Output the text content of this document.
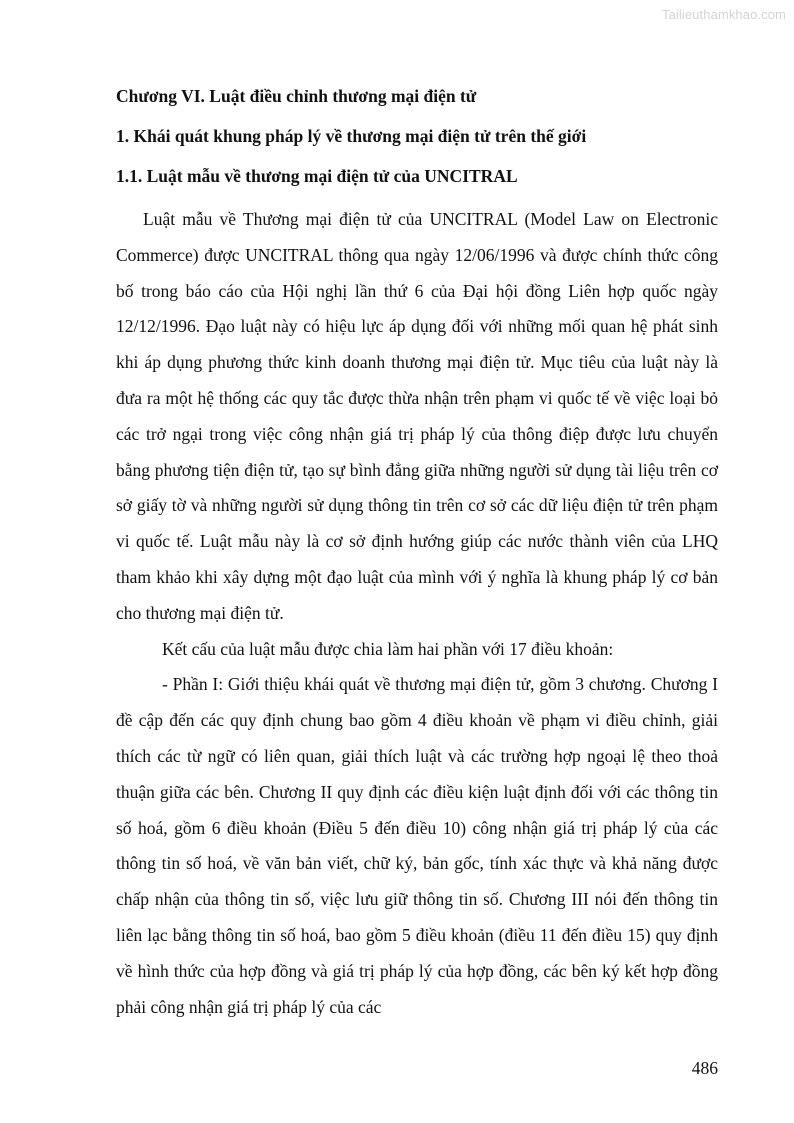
Tailieuthamkhao.com
Chương VI. Luật điều chỉnh thương mại điện tử
1. Khái quát khung pháp lý về thương mại điện tử trên thế giới
1.1. Luật mẫu về thương mại điện tử của UNCITRAL

Luật mẫu về Thương mại điện tử của UNCITRAL (Model Law on Electronic Commerce) được UNCITRAL thông qua ngày 12/06/1996 và được chính thức công bố trong báo cáo của Hội nghị lần thứ 6 của Đại hội đồng Liên hợp quốc ngày 12/12/1996. Đạo luật này có hiệu lực áp dụng đối với những mối quan hệ phát sinh khi áp dụng phương thức kinh doanh thương mại điện tử. Mục tiêu của luật này là đưa ra một hệ thống các quy tắc được thừa nhận trên phạm vi quốc tế về việc loại bỏ các trở ngại trong việc công nhận giá trị pháp lý của thông điệp được lưu chuyển bằng phương tiện điện tử, tạo sự bình đẳng giữa những người sử dụng tài liệu trên cơ sở giấy tờ và những người sử dụng thông tin trên cơ sở các dữ liệu điện tử trên phạm vi quốc tế. Luật mẫu này là cơ sở định hướng giúp các nước thành viên của LHQ tham khảo khi xây dựng một đạo luật của mình với ý nghĩa là khung pháp lý cơ bản cho thương mại điện tử.

Kết cấu của luật mẫu được chia làm hai phần với 17 điều khoản:

- Phần I: Giới thiệu khái quát về thương mại điện tử, gồm 3 chương. Chương I đề cập đến các quy định chung bao gồm 4 điều khoản về phạm vi điều chỉnh, giải thích các từ ngữ có liên quan, giải thích luật và các trường hợp ngoại lệ theo thoả thuận giữa các bên. Chương II quy định các điều kiện luật định đối với các thông tin số hoá, gồm 6 điều khoản (Điều 5 đến điều 10) công nhận giá trị pháp lý của các thông tin số hoá, về văn bản viết, chữ ký, bản gốc, tính xác thực và khả năng được chấp nhận của thông tin số, việc lưu giữ thông tin số. Chương III nói đến thông tin liên lạc bằng thông tin số hoá, bao gồm 5 điều khoản (điều 11 đến điều 15) quy định về hình thức của hợp đồng và giá trị pháp lý của hợp đồng, các bên ký kết hợp đồng phải công nhận giá trị pháp lý của các

486
